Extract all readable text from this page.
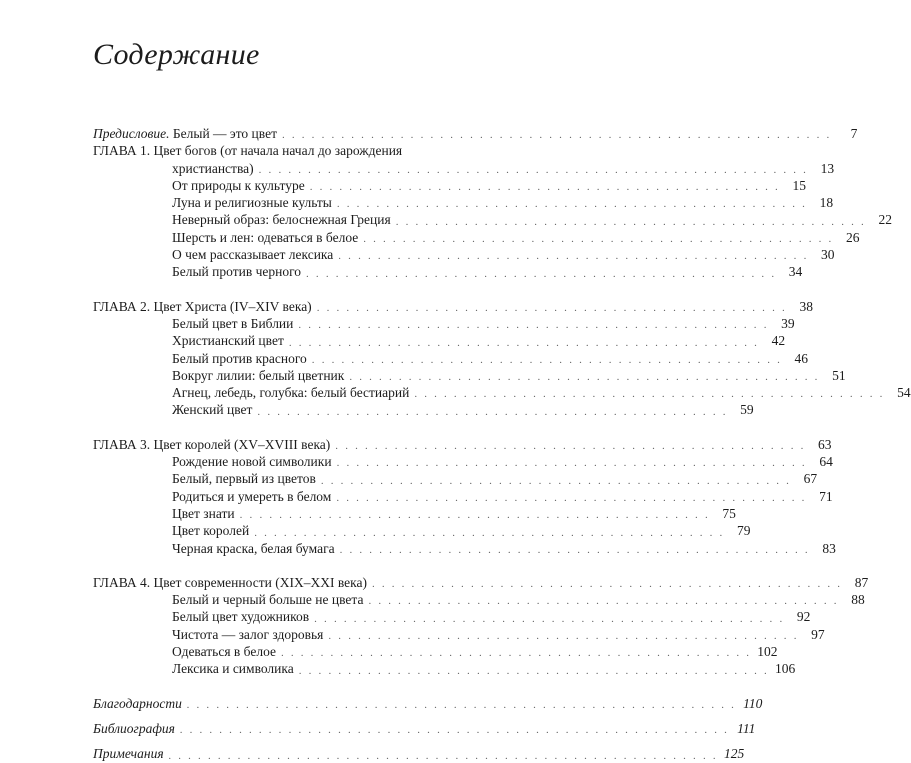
Содержание
Предисловие. Белый — это цвет . . . . . . . . . . . . . . . . . . . . . . . . . . . . . . . . . . . . . . . . . . . . . . . . . . . . . . . .	7
ГЛАВА 1. Цвет богов (от начала начал до зарождения
христианства) . . . . . . . . . . . . . . . . . . . . . . . . . . . . . . . . . . . . . . . . . . . . . . . . . . . . . . . . 13
От природы к культуре . . . . . . . . . . . . . . . . . . . . . . . . . . . . . . . . . . . . . . . . . . . . . . . . 15
Луна и религиозные культы . . . . . . . . . . . . . . . . . . . . . . . . . . . . . . . . . . . . . . . . . . . . . . . . 18
Неверный образ: белоснежная Греция . . . . . . . . . . . . . . . . . . . . . . . . . . . . . . . . . . . . . . . . . . . . . . . . 22
Шерсть и лен: одеваться в белое . . . . . . . . . . . . . . . . . . . . . . . . . . . . . . . . . . . . . . . . . . . . . . . . 26
О чем рассказывает лексика . . . . . . . . . . . . . . . . . . . . . . . . . . . . . . . . . . . . . . . . . . . . . . . . 30
Белый против черного . . . . . . . . . . . . . . . . . . . . . . . . . . . . . . . . . . . . . . . . . . . . . . . . 34
ГЛАВА 2. Цвет Христа (IV–XIV века) . . . . . . . . . . . . . . . . . . . . . . . . . . . . . . . . . . . . . . . . . . . . . . . . 38
Белый цвет в Библии . . . . . . . . . . . . . . . . . . . . . . . . . . . . . . . . . . . . . . . . . . . . . . . . 39
Христианский цвет . . . . . . . . . . . . . . . . . . . . . . . . . . . . . . . . . . . . . . . . . . . . . . . . 42
Белый против красного . . . . . . . . . . . . . . . . . . . . . . . . . . . . . . . . . . . . . . . . . . . . . . . . 46
Вокруг лилии: белый цветник . . . . . . . . . . . . . . . . . . . . . . . . . . . . . . . . . . . . . . . . . . . . . . . . 51
Агнец, лебедь, голубка: белый бестиарий . . . . . . . . . . . . . . . . . . . . . . . . . . . . . . . . . . . . . . . . . . . . . . . . 54
Женский цвет . . . . . . . . . . . . . . . . . . . . . . . . . . . . . . . . . . . . . . . . . . . . . . . . 59
ГЛАВА 3. Цвет королей (XV–XVIII века) . . . . . . . . . . . . . . . . . . . . . . . . . . . . . . . . . . . . . . . . . . . . . . . . 63
Рождение новой символики . . . . . . . . . . . . . . . . . . . . . . . . . . . . . . . . . . . . . . . . . . . . . . . . 64
Белый, первый из цветов . . . . . . . . . . . . . . . . . . . . . . . . . . . . . . . . . . . . . . . . . . . . . . . . 67
Родиться и умереть в белом . . . . . . . . . . . . . . . . . . . . . . . . . . . . . . . . . . . . . . . . . . . . . . . . 71
Цвет знати . . . . . . . . . . . . . . . . . . . . . . . . . . . . . . . . . . . . . . . . . . . . . . . . 75
Цвет королей . . . . . . . . . . . . . . . . . . . . . . . . . . . . . . . . . . . . . . . . . . . . . . . . 79
Черная краска, белая бумага . . . . . . . . . . . . . . . . . . . . . . . . . . . . . . . . . . . . . . . . . . . . . . . . 83
ГЛАВА 4. Цвет современности (XIX–XXI века) . . . . . . . . . . . . . . . . . . . . . . . . . . . . . . . . . . . . . . . . . . . . . . . . 87
Белый и черный больше не цвета . . . . . . . . . . . . . . . . . . . . . . . . . . . . . . . . . . . . . . . . . . . . . . . . 88
Белый цвет художников . . . . . . . . . . . . . . . . . . . . . . . . . . . . . . . . . . . . . . . . . . . . . . . . 92
Чистота — залог здоровья . . . . . . . . . . . . . . . . . . . . . . . . . . . . . . . . . . . . . . . . . . . . . . . . 97
Одеваться в белое . . . . . . . . . . . . . . . . . . . . . . . . . . . . . . . . . . . . . . . . . . . . . . . . 102
Лексика и символика . . . . . . . . . . . . . . . . . . . . . . . . . . . . . . . . . . . . . . . . . . . . . . . . 106
Благодарности . . . . . . . . . . . . . . . . . . . . . . . . . . . . . . . . . . . . . . . . . . . . . . . . . . . . . . . . 110
Библиография . . . . . . . . . . . . . . . . . . . . . . . . . . . . . . . . . . . . . . . . . . . . . . . . . . . . . . . . 111
Примечания . . . . . . . . . . . . . . . . . . . . . . . . . . . . . . . . . . . . . . . . . . . . . . . . . . . . . . . . 125
